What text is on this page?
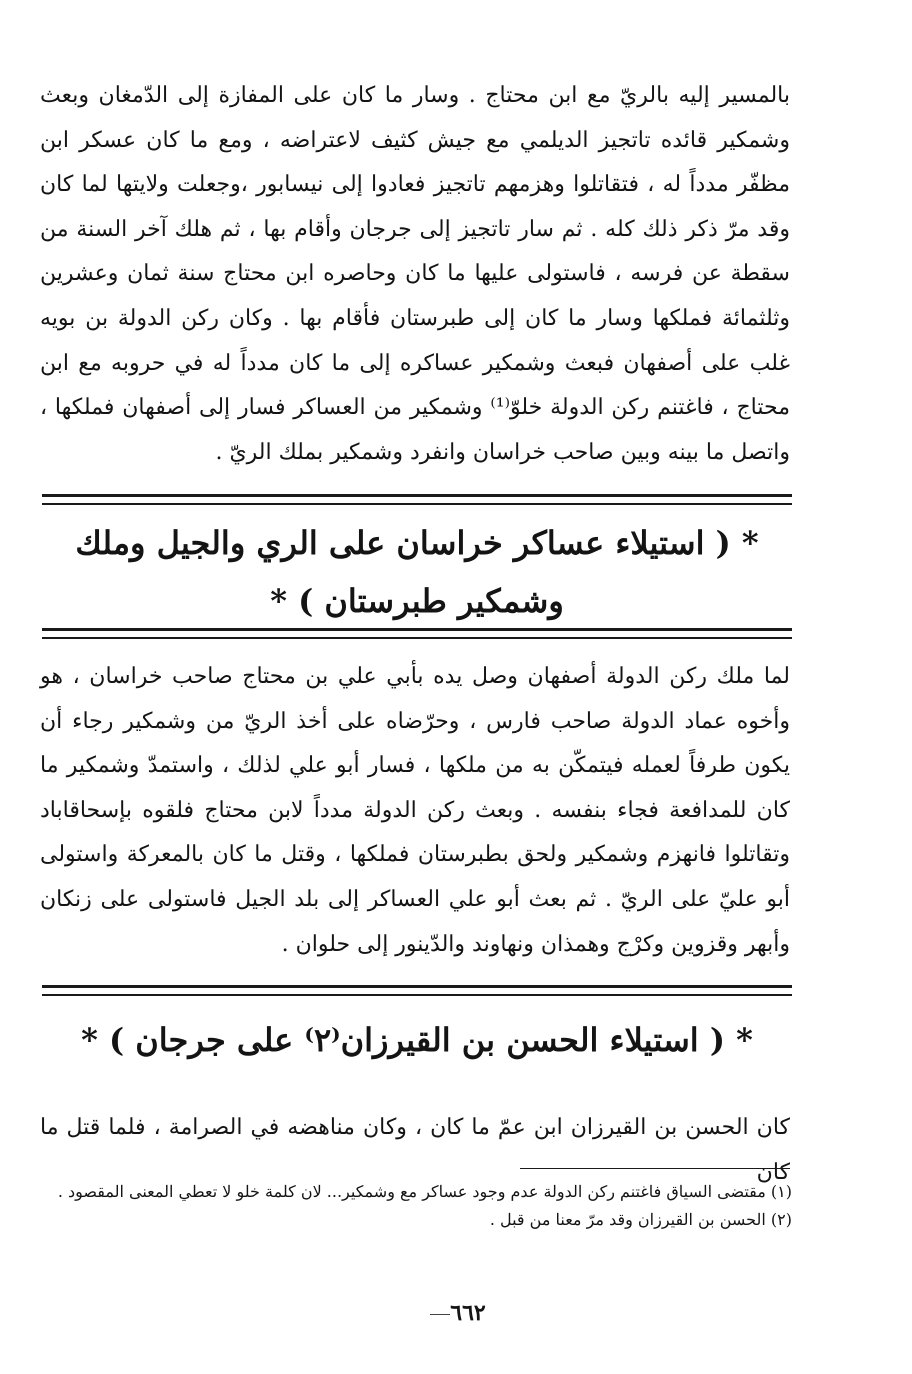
بالمسير إليه بالريّ مع ابن محتاج . وسار ما كان على المفازة إلى الدّمغان وبعث وشمكير قائده تاتجيز الديلمي مع جيش كثيف لاعتراضه ، ومع ما كان عسكر ابن مظفّر مدداً له ، فتقاتلوا وهزمهم تاتجيز فعادوا إلى نيسابور ،وجعلت ولايتها لما كان وقد مرّ ذكر ذلك كله . ثم سار تاتجيز إلى جرجان وأقام بها ، ثم هلك آخر السنة من سقطة عن فرسه ، فاستولى عليها ما كان وحاصره ابن محتاج سنة ثمان وعشرين وثلثمائة فملكها وسار ما كان إلى طبرستان فأقام بها . وكان ركن الدولة بن بويه غلب على أصفهان فبعث وشمكير عساكره إلى ما كان مدداً له في حروبه مع ابن محتاج ، فاغتنم ركن الدولة خلوّ⁽¹⁾ وشمكير من العساكر فسار إلى أصفهان فملكها ، واتصل ما بينه وبين صاحب خراسان وانفرد وشمكير بملك الريّ .

* ( استيلاء عساكر خراسان على الري والجيل وملك وشمكير طبرستان ) *

لما ملك ركن الدولة أصفهان وصل يده بأبي علي بن محتاج صاحب خراسان ، هو وأخوه عماد الدولة صاحب فارس ، وحرّضاه على أخذ الريّ من وشمكير رجاء أن يكون طرفاً لعمله فيتمكّن به من ملكها ، فسار أبو علي لذلك ، واستمدّ وشمكير ما كان للمدافعة فجاء بنفسه . وبعث ركن الدولة مدداً لابن محتاج فلقوه بإسحاقاباد وتقاتلوا فانهزم وشمكير ولحق بطبرستان فملكها ، وقتل ما كان بالمعركة واستولى أبو عليّ على الريّ . ثم بعث أبو علي العساكر إلى بلد الجيل فاستولى على زنكان وأبهر وقزوين وكرْج وهمذان ونهاوند والدّينور إلى حلوان .

* ( استيلاء الحسن بن القيرزان⁽٢⁾ على جرجان ) *

كان الحسن بن القيرزان ابن عمّ ما كان ، وكان مناهضه في الصرامة ، فلما قتل ما كان

(١) مقتضى السياق فاغتنم ركن الدولة عدم وجود عساكر مع وشمكير... لان كلمة خلو لا تعطي المعنى المقصود .
(٢) الحسن بن القيرزان وقد مرّ معنا من قبل .
٦٦٢
